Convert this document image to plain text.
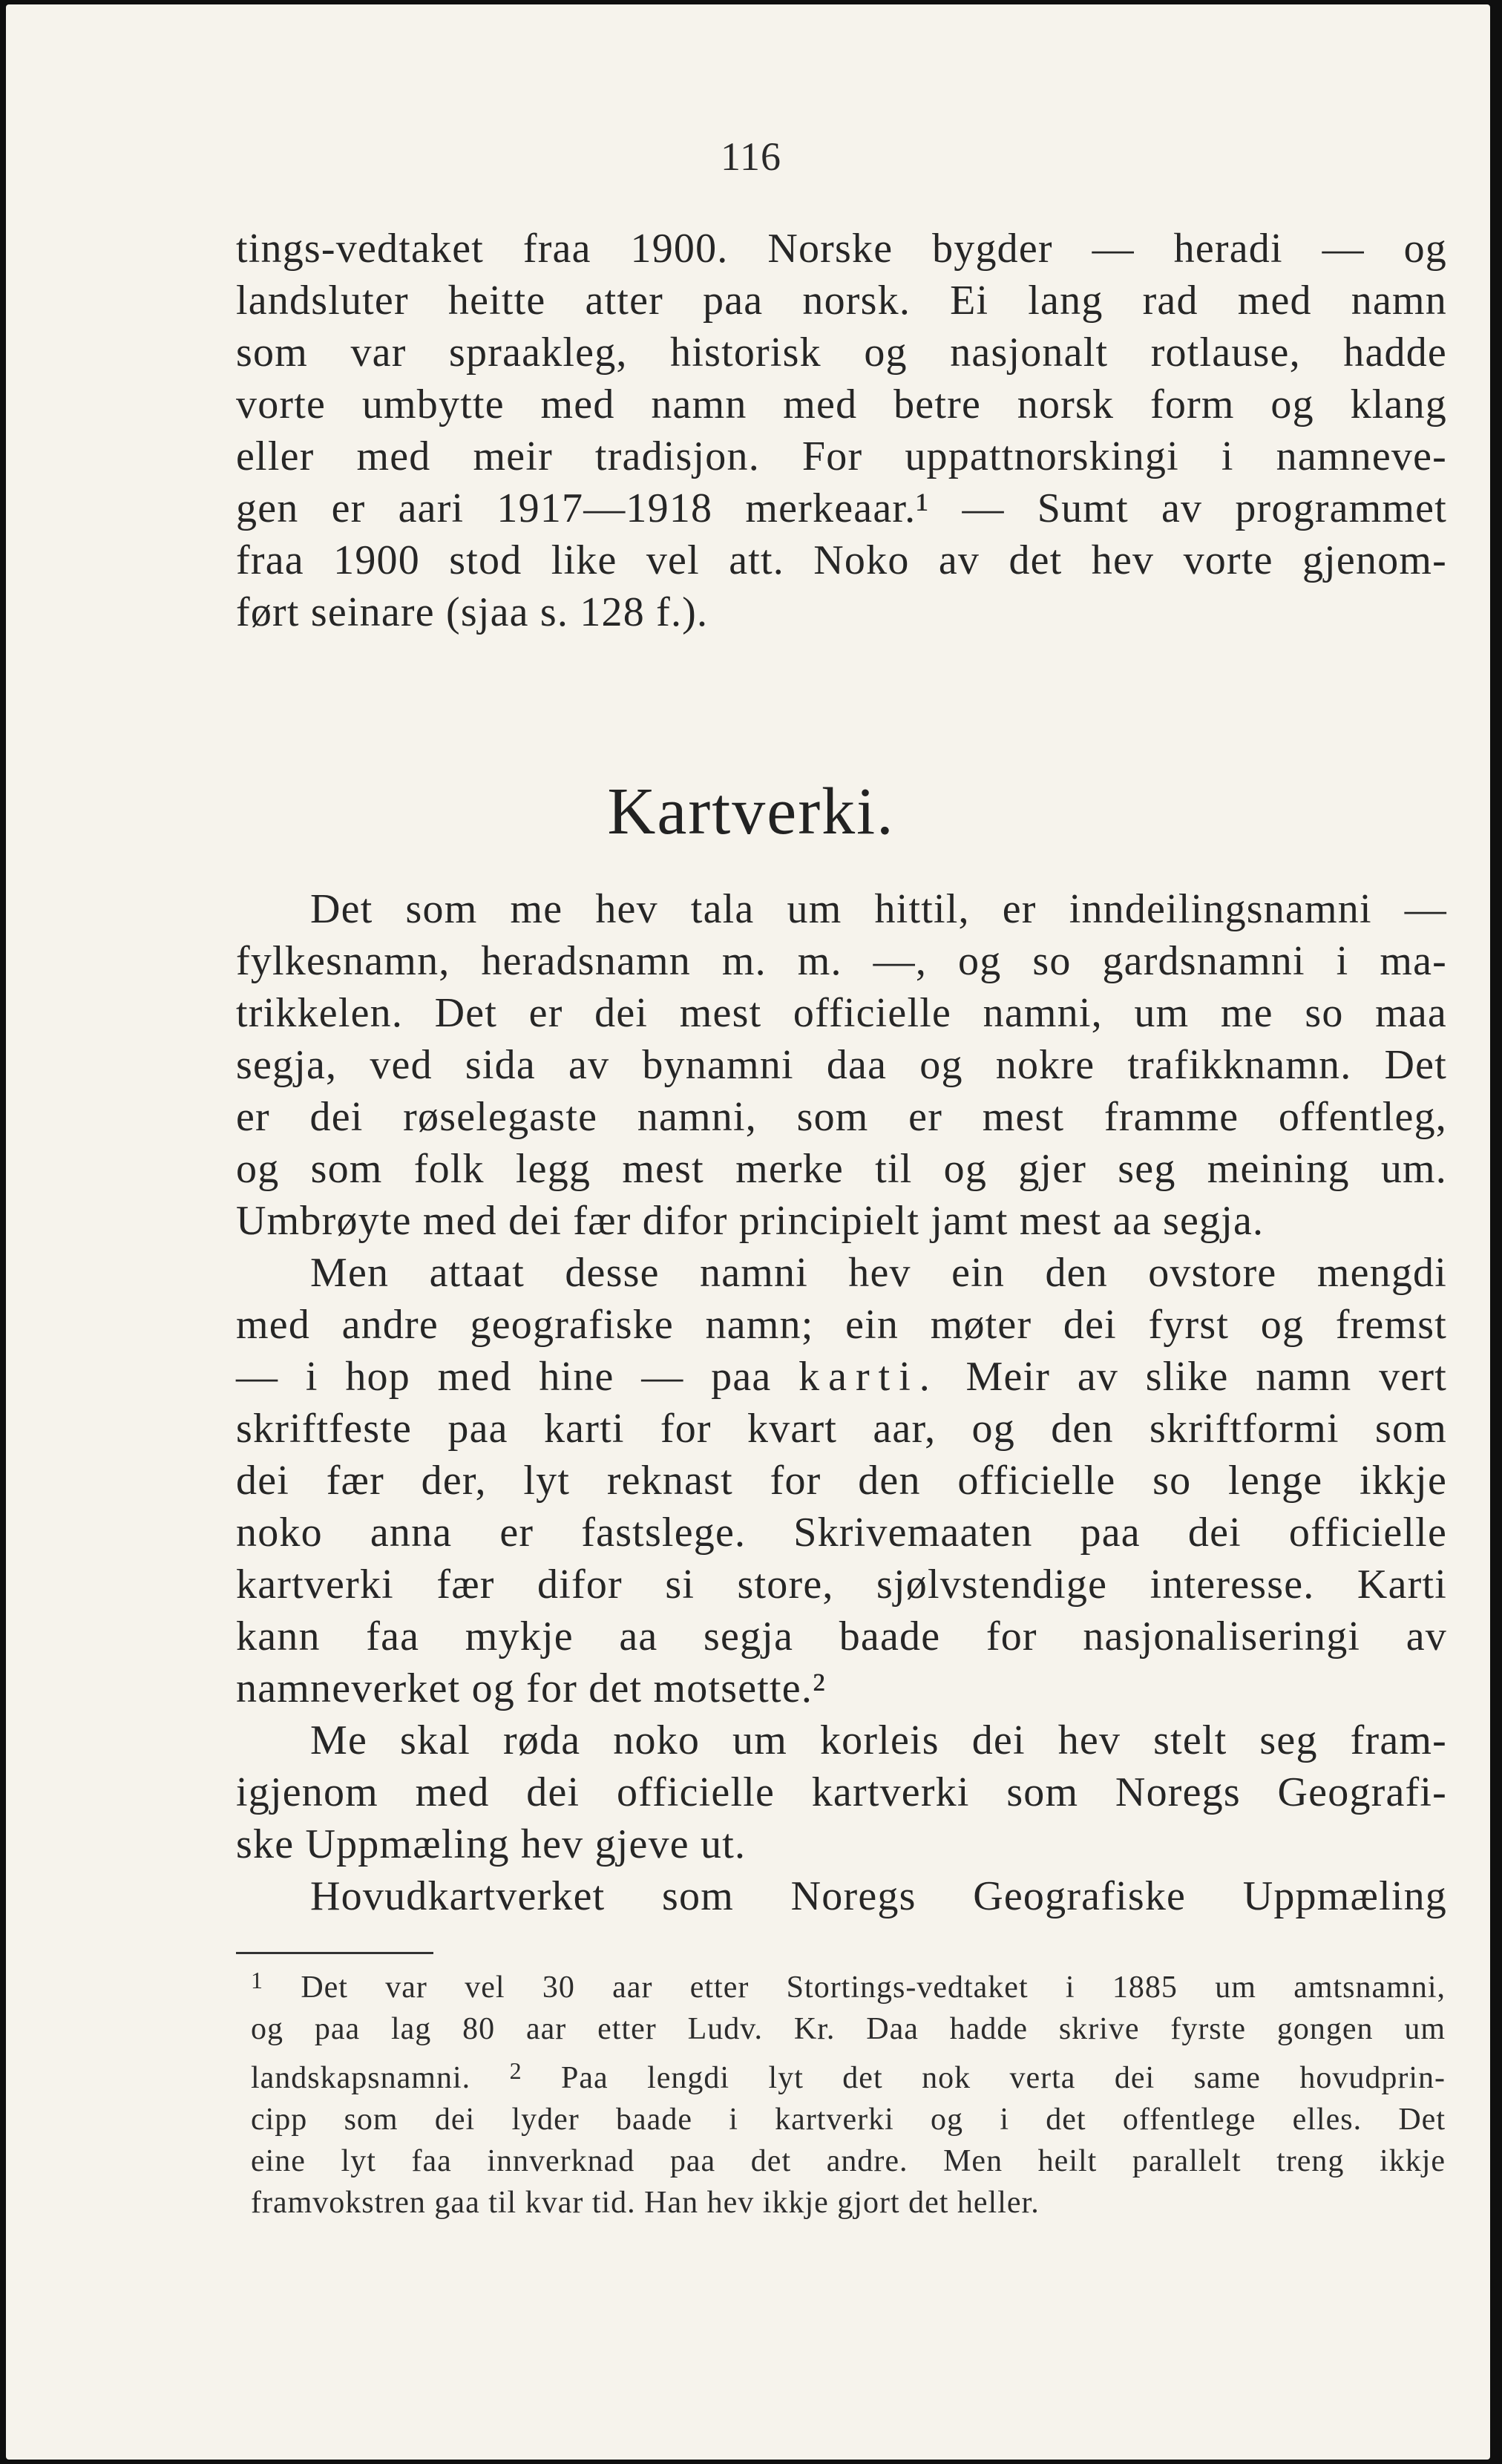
116
tings-vedtaket fraa 1900. Norske bygder — heradi — og
landsluter heitte atter paa norsk. Ei lang rad med namn
som var spraakleg, historisk og nasjonalt rotlause, hadde
vorte umbytte med namn med betre norsk form og klang
eller med meir tradisjon. For uppattnorskingi i namneve-
gen er aari 1917—1918 merkeaar.¹ — Sumt av programmet
fraa 1900 stod like vel att. Noko av det hev vorte gjenom-
ført seinare (sjaa s. 128 f.).
Kartverki.
Det som me hev tala um hittil, er inndeilingsnamni —
fylkesnamn, heradsnamn m. m. —, og so gardsnamni i ma-
trikkelen. Det er dei mest officielle namni, um me so maa
segja, ved sida av bynamni daa og nokre trafikknamn. Det
er dei røselegaste namni, som er mest framme offentleg,
og som folk legg mest merke til og gjer seg meining um.
Umbrøyte med dei fær difor principielt jamt mest aa segja.
Men attaat desse namni hev ein den ovstore mengdi
med andre geografiske namn; ein møter dei fyrst og fremst
— i hop med hine — paa karti. Meir av slike namn vert
skriftfeste paa karti for kvart aar, og den skriftformi som
dei fær der, lyt reknast for den officielle so lenge ikkje
noko anna er fastslege. Skrivemaaten paa dei officielle
kartverki fær difor si store, sjølvstendige interesse. Karti
kann faa mykje aa segja baade for nasjonaliseringi av
namneverket og for det motsette.²
Me skal røda noko um korleis dei hev stelt seg fram-
igjenom med dei officielle kartverki som Noregs Geografi-
ske Uppmæling hev gjeve ut.
Hovudkartverket som Noregs Geografiske Uppmæling
$^1$ Det var vel 30 aar etter Stortings-vedtaket i 1885 um amtsnamni,
og paa lag 80 aar etter Ludv. Kr. Daa hadde skrive fyrste gongen um
landskapsnamni. $^2$ Paa lengdi lyt det nok verta dei same hovudprin-
cipp som dei lyder baade i kartverki og i det offentlege elles. Det
eine lyt faa innverknad paa det andre. Men heilt parallelt treng ikkje
framvokstren gaa til kvar tid. Han hev ikkje gjort det heller.
